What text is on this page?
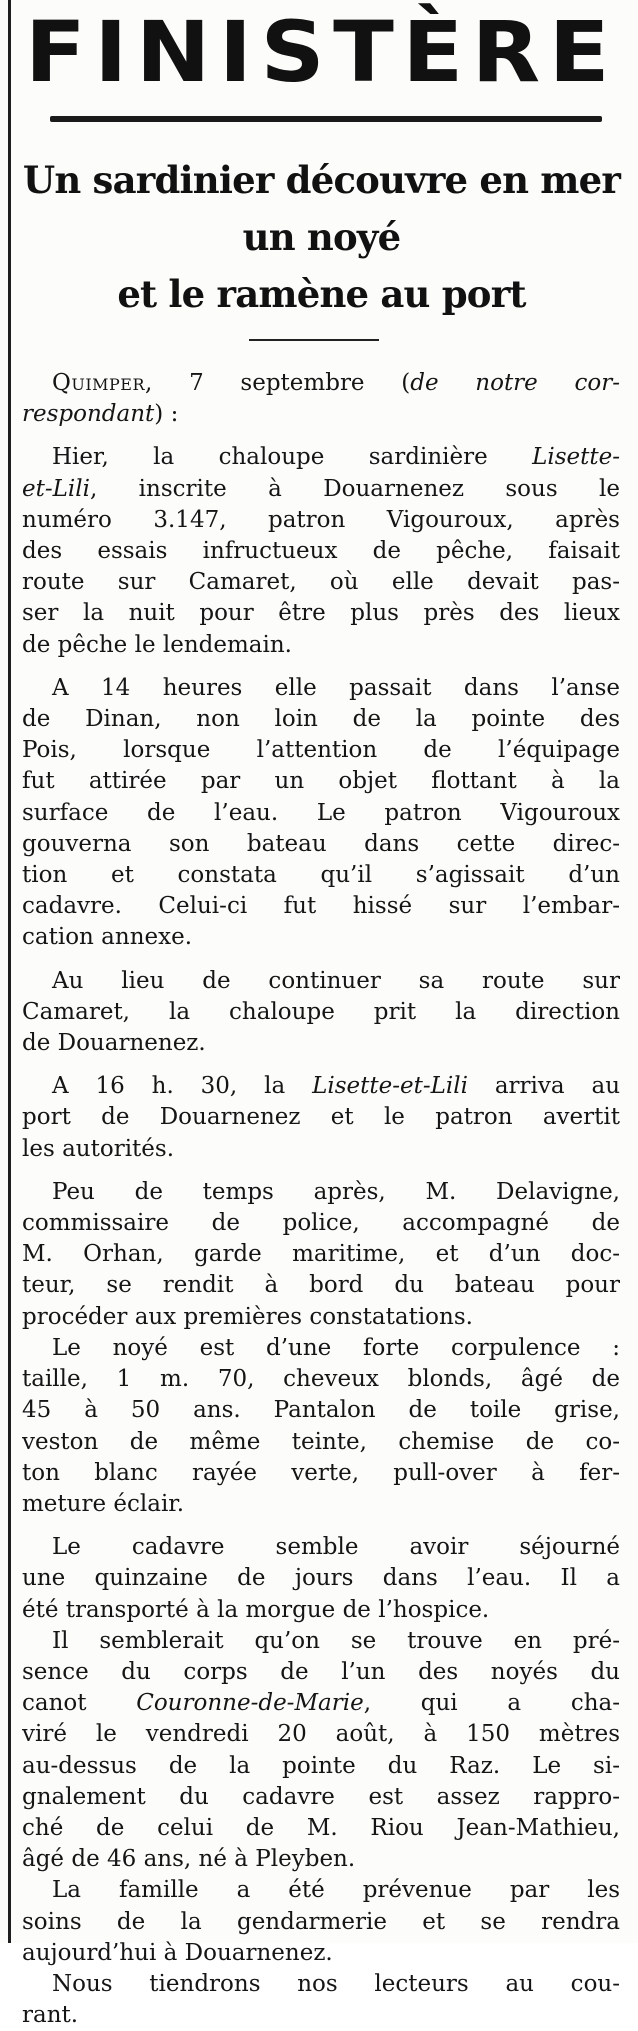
FINISTÈRE
Un sardinier découvre en mer
un noyé
et le ramène au port

Quimper, 7 septembre (de notre cor-
respondant) :

Hier, la chaloupe sardinière Lisette-
et-Lili, inscrite à Douarnenez sous le
numéro 3.147, patron Vigouroux, après
des essais infructueux de pêche, faisait
route sur Camaret, où elle devait pas-
ser la nuit pour être plus près des lieux
de pêche le lendemain.

A 14 heures elle passait dans l’anse
de Dinan, non loin de la pointe des
Pois, lorsque l’attention de l’équipage
fut attirée par un objet flottant à la
surface de l’eau. Le patron Vigouroux
gouverna son bateau dans cette direc-
tion et constata qu’il s’agissait d’un
cadavre. Celui-ci fut hissé sur l’embar-
cation annexe.

Au lieu de continuer sa route sur
Camaret, la chaloupe prit la direction
de Douarnenez.

A 16 h. 30, la Lisette-et-Lili arriva au
port de Douarnenez et le patron avertit
les autorités.

Peu de temps après, M. Delavigne,
commissaire de police, accompagné de
M. Orhan, garde maritime, et d’un doc-
teur, se rendit à bord du bateau pour
procéder aux premières constatations.

Le noyé est d’une forte corpulence :
taille, 1 m. 70, cheveux blonds, âgé de
45 à 50 ans. Pantalon de toile grise,
veston de même teinte, chemise de co-
ton blanc rayée verte, pull-over à fer-
meture éclair.

Le cadavre semble avoir séjourné
une quinzaine de jours dans l’eau. Il a
été transporté à la morgue de l’hospice.

Il semblerait qu’on se trouve en pré-
sence du corps de l’un des noyés du
canot Couronne-de-Marie, qui a cha-
viré le vendredi 20 août, à 150 mètres
au-dessus de la pointe du Raz. Le si-
gnalement du cadavre est assez rappro-
ché de celui de M. Riou Jean-Mathieu,
âgé de 46 ans, né à Pleyben.

La famille a été prévenue par les
soins de la gendarmerie et se rendra
aujourd’hui à Douarnenez.

Nous tiendrons nos lecteurs au cou-
rant.
